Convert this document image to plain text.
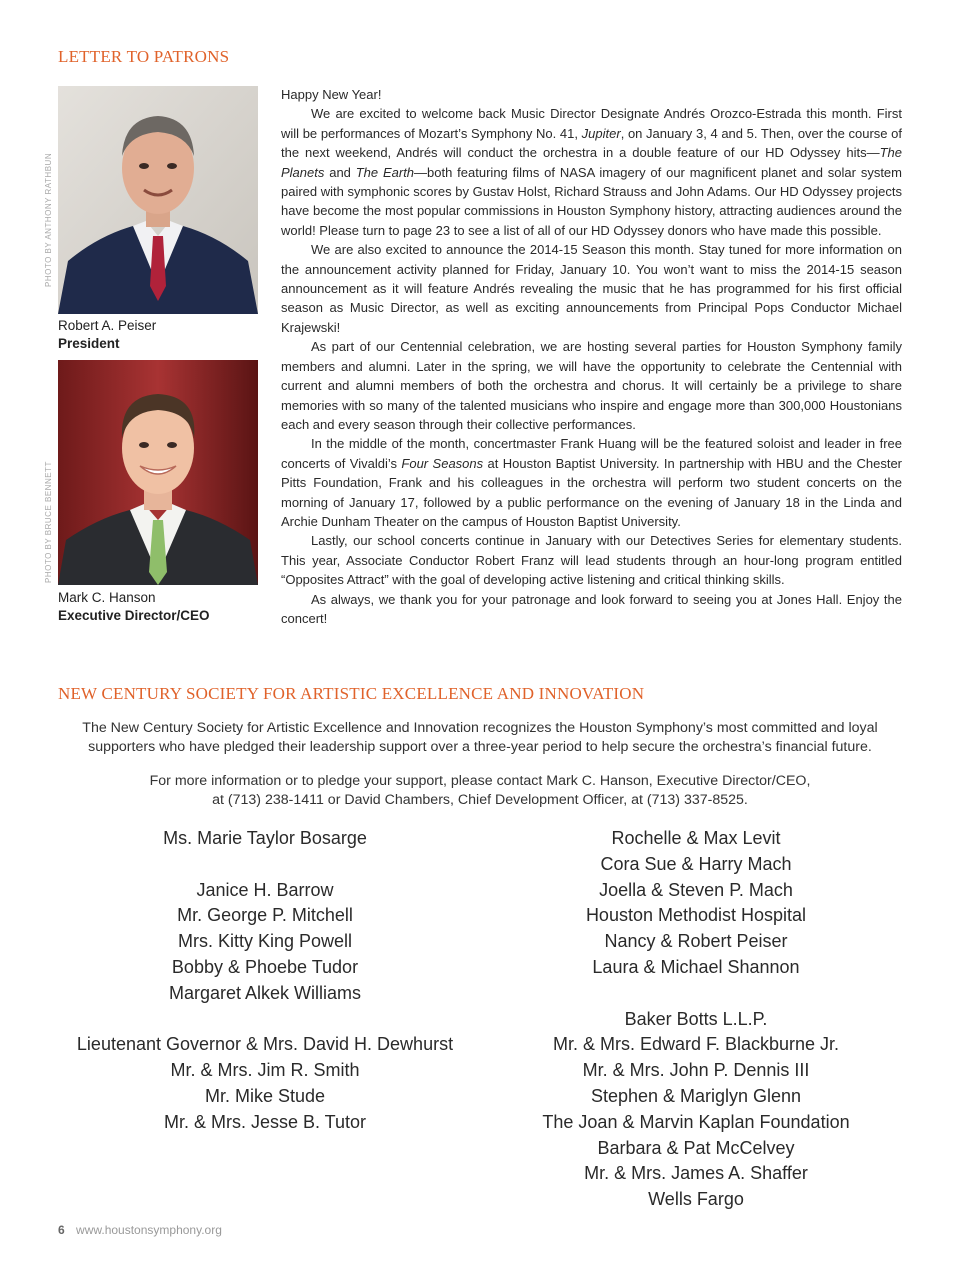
LETTER TO PATRONS
PHOTO BY ANTHONY RATHBUN
Robert A. Peiser
President
PHOTO BY BRUCE BENNETT
Mark C. Hanson
Executive Director/CEO

Happy New Year!

We are excited to welcome back Music Director Designate Andrés Orozco-Estrada this month. First will be performances of Mozart’s Symphony No. 41, Jupiter, on January 3, 4 and 5. Then, over the course of the next weekend, Andrés will conduct the orchestra in a double feature of our HD Odyssey hits—The Planets and The Earth—both featuring films of NASA imagery of our magnificent planet and solar system paired with symphonic scores by Gustav Holst, Richard Strauss and John Adams. Our HD Odyssey projects have become the most popular commissions in Houston Symphony history, attracting audiences around the world! Please turn to page 23 to see a list of all of our HD Odyssey donors who have made this possible.

We are also excited to announce the 2014-15 Season this month. Stay tuned for more information on the announcement activity planned for Friday, January 10. You won’t want to miss the 2014-15 season announcement as it will feature Andrés revealing the music that he has programmed for his first official season as Music Director, as well as exciting announcements from Principal Pops Conductor Michael Krajewski!

As part of our Centennial celebration, we are hosting several parties for Houston Symphony family members and alumni. Later in the spring, we will have the opportunity to celebrate the Centennial with current and alumni members of both the orchestra and chorus. It will certainly be a privilege to share memories with so many of the talented musicians who inspire and engage more than 300,000 Houstonians each and every season through their collective performances.

In the middle of the month, concertmaster Frank Huang will be the featured soloist and leader in free concerts of Vivaldi’s Four Seasons at Houston Baptist University. In partnership with HBU and the Chester Pitts Foundation, Frank and his colleagues in the orchestra will perform two student concerts on the morning of January 17, followed by a public performance on the evening of January 18 in the Linda and Archie Dunham Theater on the campus of Houston Baptist University.

Lastly, our school concerts continue in January with our Detectives Series for elementary students. This year, Associate Conductor Robert Franz will lead students through an hour-long program entitled “Opposites Attract” with the goal of developing active listening and critical thinking skills.

As always, we thank you for your patronage and look forward to seeing you at Jones Hall. Enjoy the concert!

NEW CENTURY SOCIETY FOR ARTISTIC EXCELLENCE AND INNOVATION

The New Century Society for Artistic Excellence and Innovation recognizes the Houston Symphony’s most committed and loyal supporters who have pledged their leadership support over a three-year period to help secure the orchestra’s financial future.

For more information or to pledge your support, please contact Mark C. Hanson, Executive Director/CEO,
at (713) 238-1411 or David Chambers, Chief Development Officer, at (713) 337-8525.

Ms. Marie Taylor Bosarge
Janice H. Barrow
Mr. George P. Mitchell
Mrs. Kitty King Powell
Bobby & Phoebe Tudor
Margaret Alkek Williams
Lieutenant Governor & Mrs. David H. Dewhurst
Mr. & Mrs. Jim R. Smith
Mr. Mike Stude
Mr. & Mrs. Jesse B. Tutor
Rochelle & Max Levit
Cora Sue & Harry Mach
Joella & Steven P. Mach
Houston Methodist Hospital
Nancy & Robert Peiser
Laura & Michael Shannon
Baker Botts L.L.P.
Mr. & Mrs. Edward F. Blackburne Jr.
Mr. & Mrs. John P. Dennis III
Stephen & Mariglyn Glenn
The Joan & Marvin Kaplan Foundation
Barbara & Pat McCelvey
Mr. & Mrs. James A. Shaffer
Wells Fargo
6 www.houstonsymphony.org
